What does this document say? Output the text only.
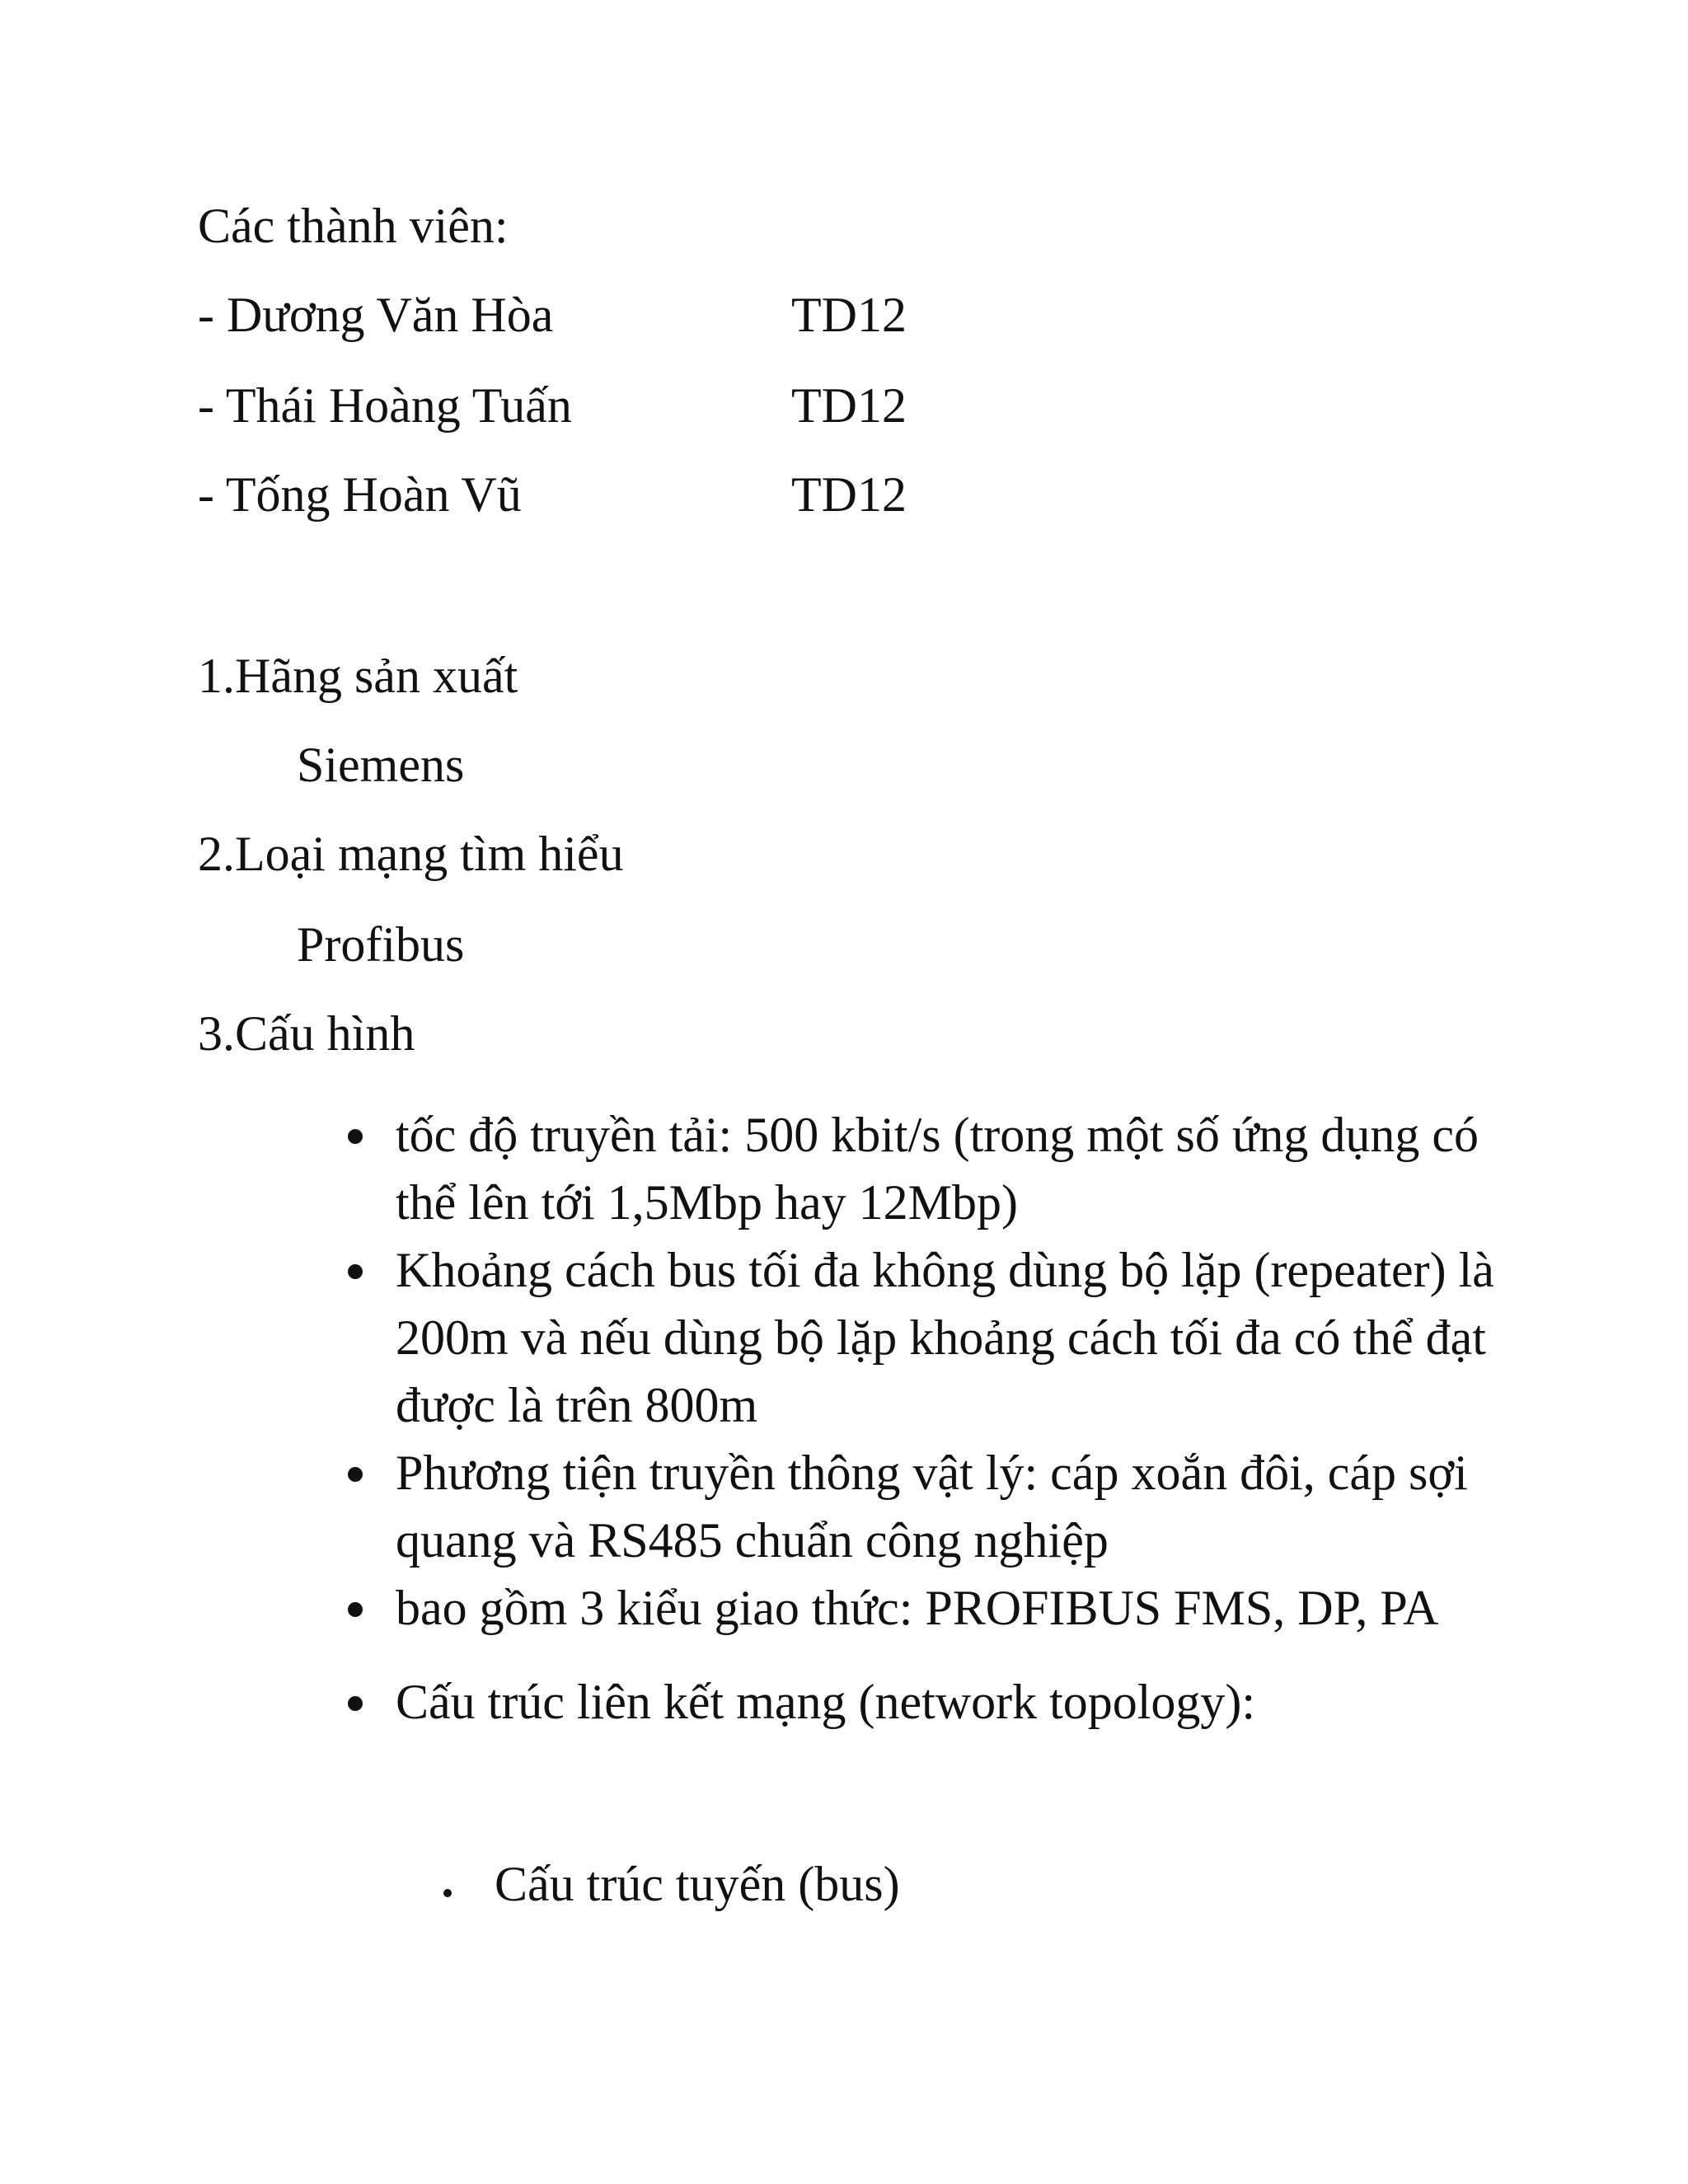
Các thành viên:
- Dương Văn Hòa	TD12
- Thái Hoàng Tuấn	TD12
- Tống Hoàn Vũ	TD12
1.Hãng sản xuất
Siemens
2.Loại mạng tìm hiểu
Profibus
3.Cấu hình
tốc độ truyền tải: 500 kbit/s (trong một số ứng dụng có thể lên tới 1,5Mbp hay 12Mbp)
Khoảng cách bus tối đa không dùng bộ lặp (repeater) là 200m và nếu dùng bộ lặp khoảng cách tối đa có thể đạt được là trên 800m
Phương tiện truyền thông vật lý: cáp xoắn đôi, cáp sợi quang và RS485 chuẩn công nghiệp
bao gồm 3 kiểu giao thức: PROFIBUS FMS, DP, PA
Cấu trúc liên kết mạng (network topology):
Cấu trúc tuyến (bus)
